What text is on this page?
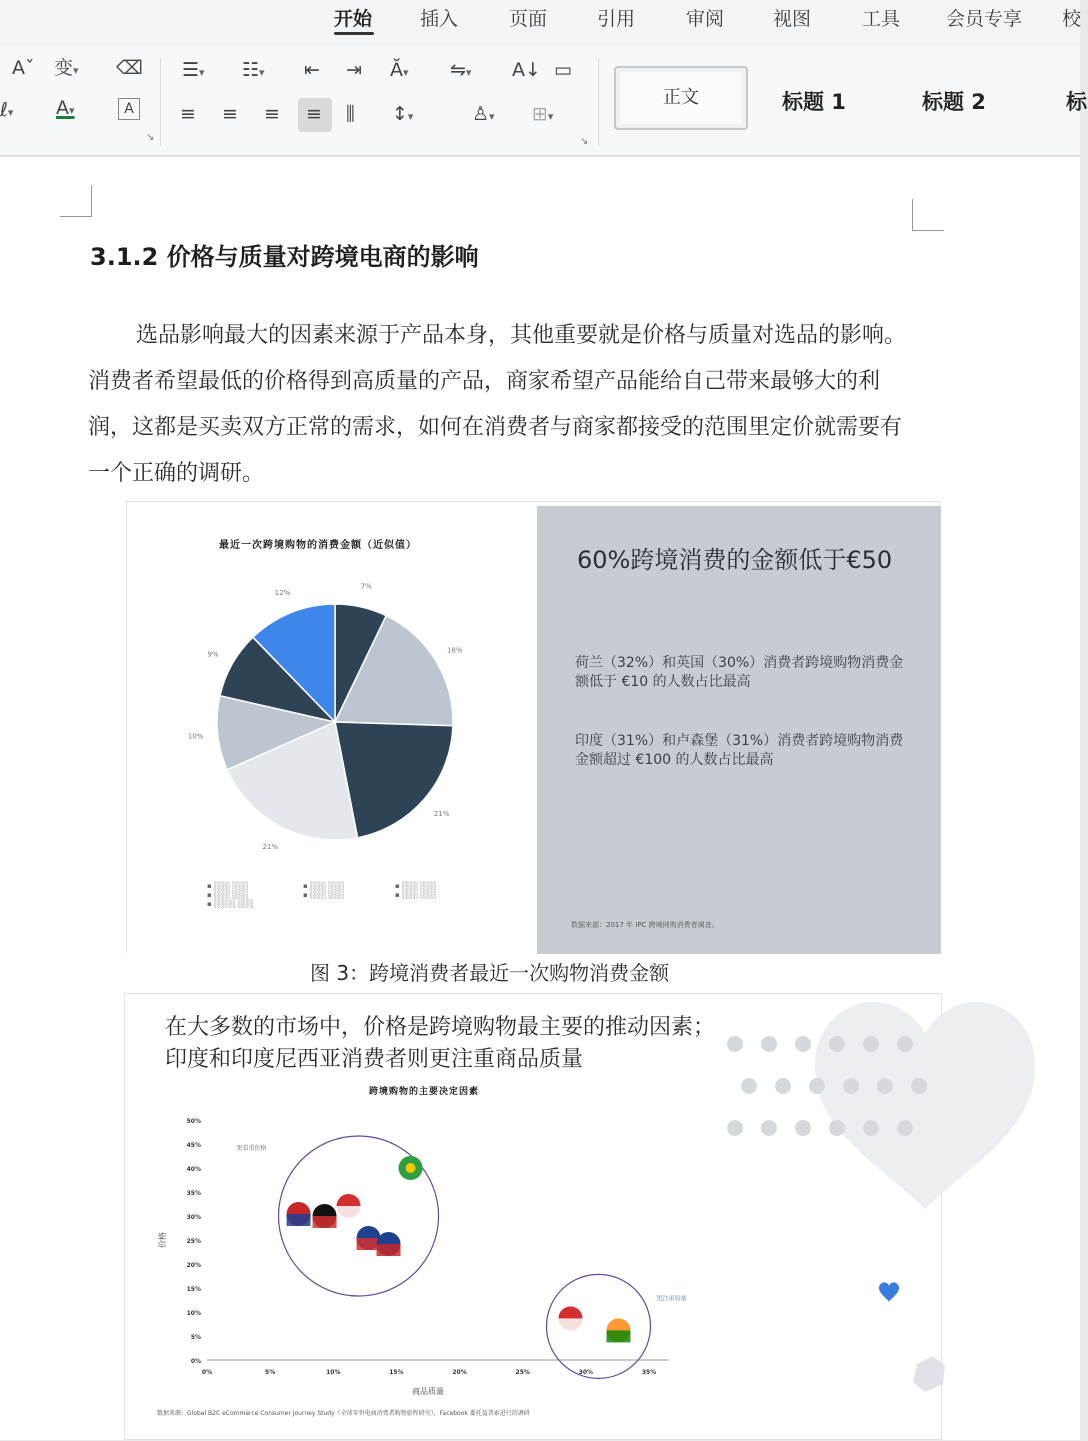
开始	插入	页面	引用	审阅	视图	工具 会员专享 校
Aˇ 变▾ ⌫
ℓ▾ A▾	A
↘
☰▾ ☷▾ ⇤ ⇥ Ӑ▾ ⇋▾ A↓ ▭
≡ ≡ ≡ ≡ ⫼ ↕▾	♙▾ ⊞▾
↘
正文	标题 1	标题 2	标
3.1.2 价格与质量对跨境电商的影响
选品影响最大的因素来源于产品本身，其他重要就是价格与质量对选品的影响。消费者希望最低的价格得到高质量的产品，商家希望产品能给自己带来最够大的利润，这都是买卖双方正常的需求，如何在消费者与商家都接受的范围里定价就需要有一个正确的调研。
最近一次跨境购物的消费金额（近似值）
7%
18%
21%
21%
10%
9%
12%
▪ ░░░ ░░░
▪ ░░░ ░░░
▪ ░░░░ ░░░
▪ ░░░ ░░░
▪ ░░░ ░░░
▪ ░░░ ░░░
▪ ░░░ ░░░
60%跨境消费的金额低于€50
荷兰（32%）和英国（30%）消费者跨境购物消费金额低于 €10 的人数占比最高
印度（31%）和卢森堡（31%）消费者跨境购物消费金额超过 €100 的人数占比最高
数据来源：2017 年 IPC 跨境网购消费者调查。
图 3：跨境消费者最近一次购物消费金额
在大多数的市场中，价格是跨境购物最主要的推动因素；
印度和印度尼西亚消费者则更注重商品质量
跨境购物的主要决定因素
0%
5%
10%
15%
20%
25%
30%
35%
40%
45%
50%
0%	5%	10%	15%	20%	25%	30%	35%
商品质量
价格
更看重价格
更注重质量
数据来源：Global B2C eCommerce Consumer Journey Study（全球零售电商消费者购物旅程研究），Facebook 委托益普索进行的调研
